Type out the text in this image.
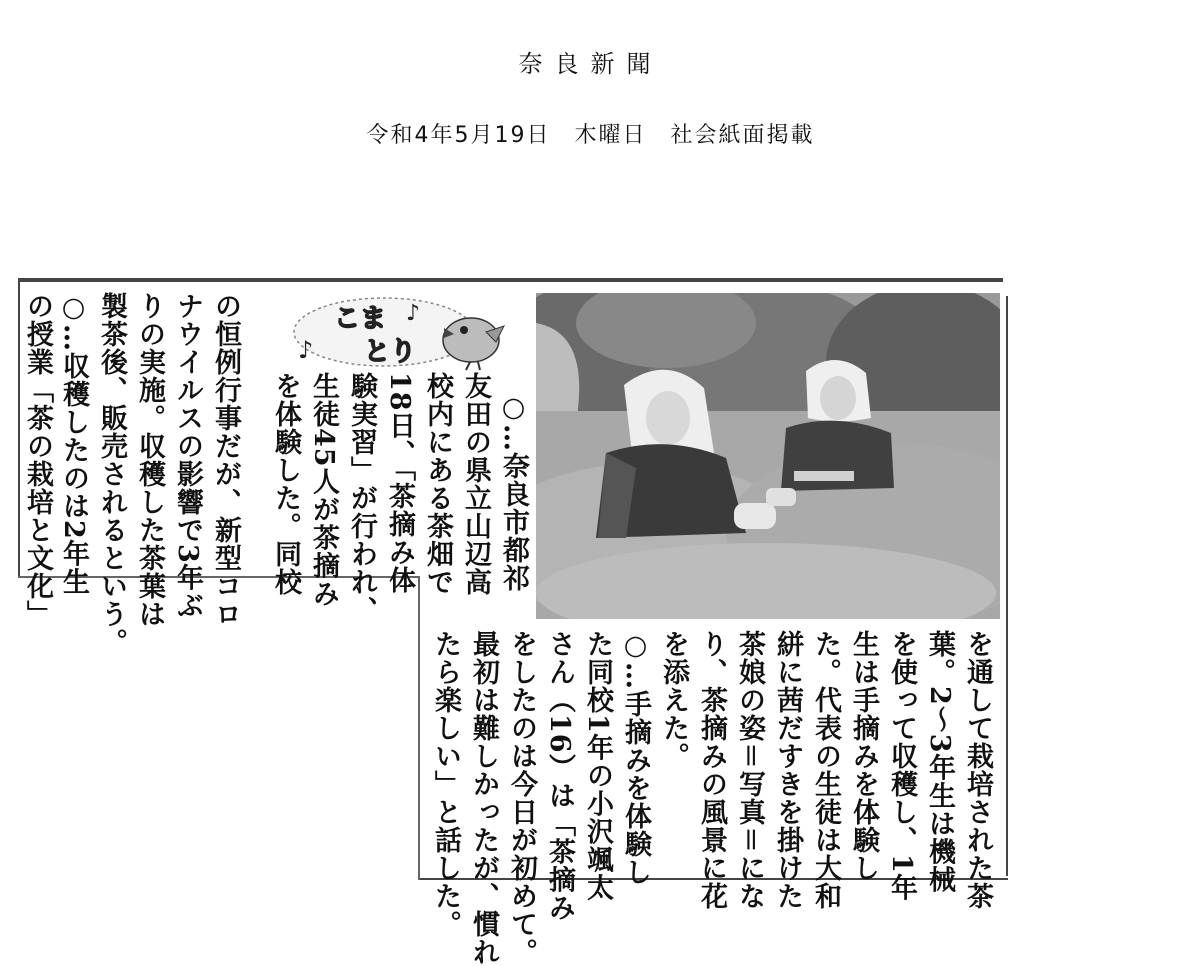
奈良新聞
令和4年5月19日　木曜日　社会紙面掲載
こま
とり
♪
♪
○…奈良市都祁
友田の県立山辺高
校内にある茶畑で
18日、「茶摘み体
験実習」が行われ、
生徒45人が茶摘み
を体験した。同校
の恒例行事だが、新型コロ
ナウイルスの影響で3年ぶ
りの実施。収穫した茶葉は
製茶後、販売されるという。
○…収穫したのは2年生
の授業「茶の栽培と文化」
を通して栽培された茶
葉。2～3年生は機械
を使って収穫し、1年
生は手摘みを体験し
た。代表の生徒は大和
絣に茜だすきを掛けた
茶娘の姿＝写真＝にな
り、茶摘みの風景に花
を添えた。
○…手摘みを体験し
た同校1年の小沢颯太
さん（16）は「茶摘み
をしたのは今日が初めて。
最初は難しかったが、慣れ
たら楽しい」と話した。
